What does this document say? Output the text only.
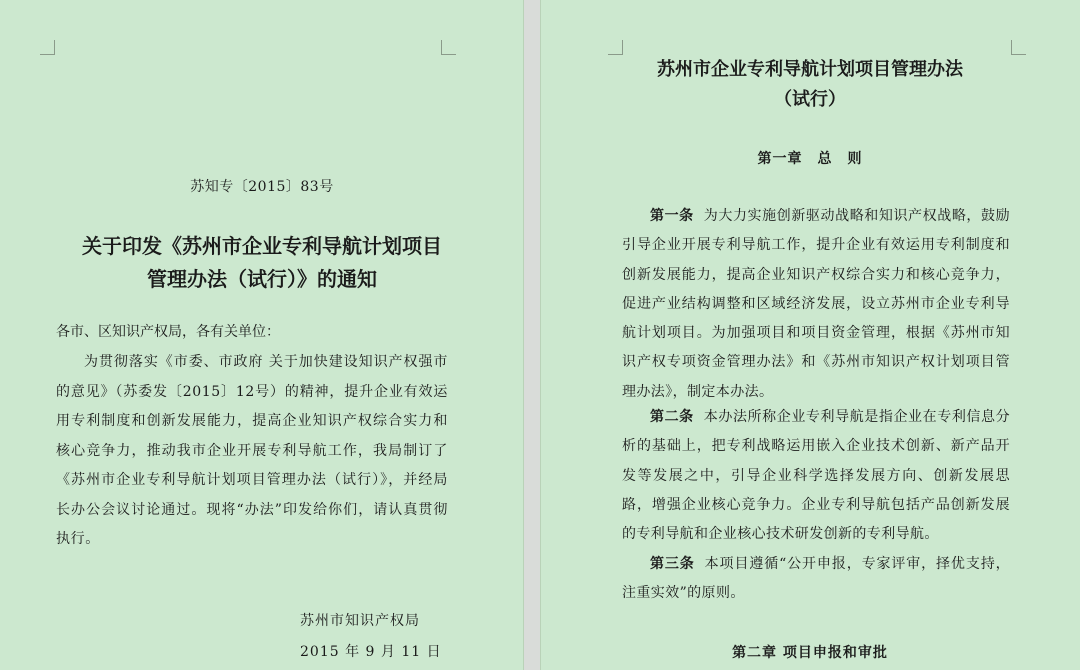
苏知专〔2015〕83号
关于印发《苏州市企业专利导航计划项目
管理办法（试行）》的通知
各市、区知识产权局，各有关单位：
为贯彻落实《市委、市政府 关于加快建设知识产权强市的意见》（苏委发〔2015〕12号）的精神，提升企业有效运用专利制度和创新发展能力，提高企业知识产权综合实力和核心竞争力，推动我市企业开展专利导航工作，我局制订了《苏州市企业专利导航计划项目管理办法（试行）》，并经局长办公会议讨论通过。现将“办法”印发给你们，请认真贯彻执行。
苏州市知识产权局
2015 年 9 月 11 日
苏州市企业专利导航计划项目管理办法
（试行）
第一章　总　则
第一条 为大力实施创新驱动战略和知识产权战略，鼓励引导企业开展专利导航工作，提升企业有效运用专利制度和创新发展能力，提高企业知识产权综合实力和核心竞争力，促进产业结构调整和区域经济发展，设立苏州市企业专利导航计划项目。为加强项目和项目资金管理，根据《苏州市知识产权专项资金管理办法》和《苏州市知识产权计划项目管理办法》，制定本办法。
第二条 本办法所称企业专利导航是指企业在专利信息分析的基础上，把专利战略运用嵌入企业技术创新、新产品开发等发展之中，引导企业科学选择发展方向、创新发展思路，增强企业核心竞争力。企业专利导航包括产品创新发展的专利导航和企业核心技术研发创新的专利导航。
第三条 本项目遵循“公开申报，专家评审，择优支持，注重实效”的原则。
第二章 项目申报和审批
